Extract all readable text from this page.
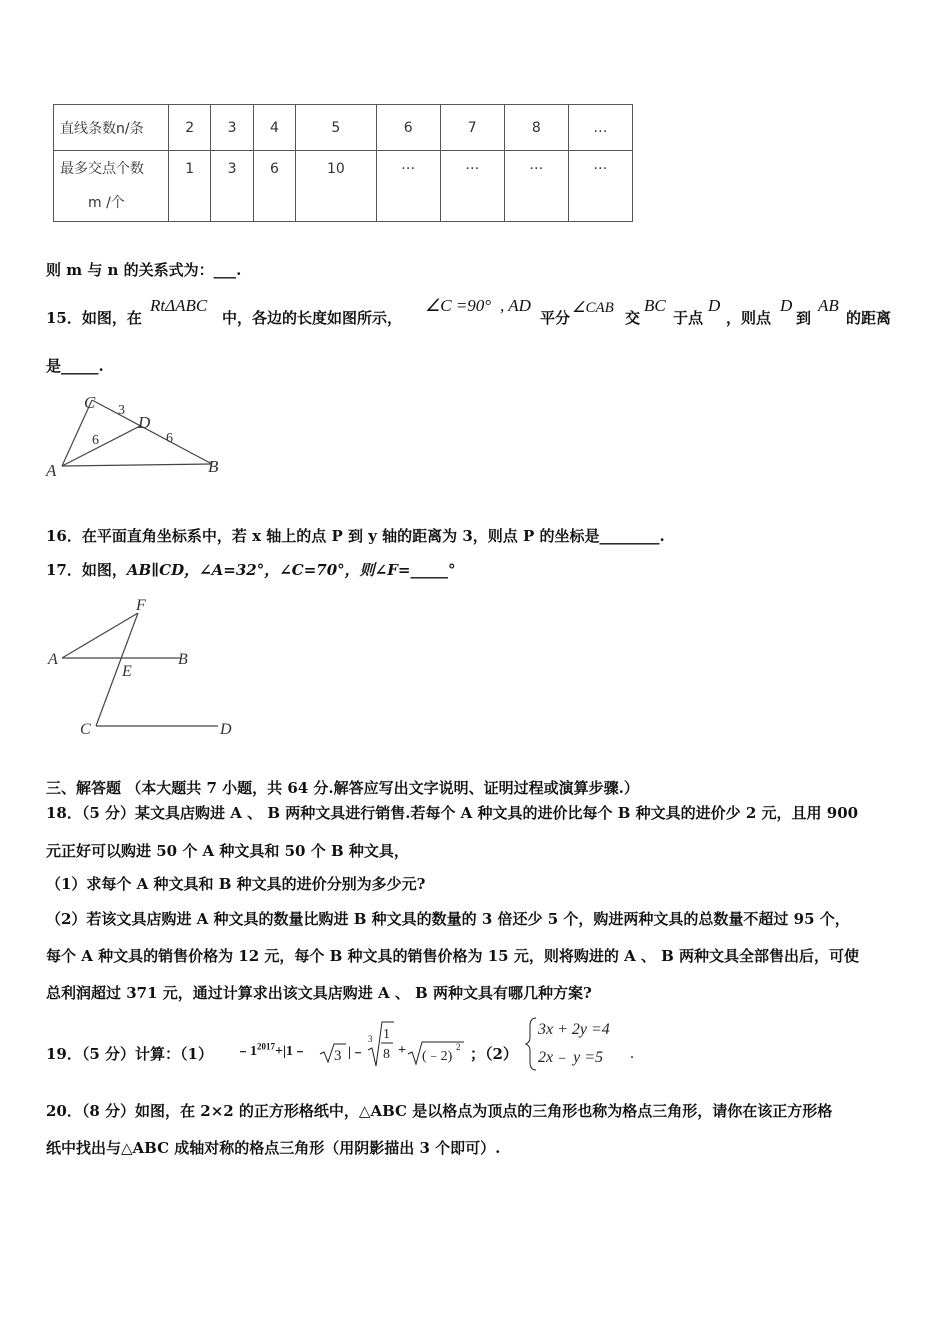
直线条数n/条	2	3	4	5	6	7	8	…

最多交点个数
m /个	1	3	6	10	…	…	…	…
则 m 与 n 的关系式为：___.
15．如图，在
RtΔABC
中，各边的长度如图所示，
∠C =90° , AD
平分
∠CAB
交
BC
于点
D
，则点
D
到
AB
的距离
是_____.
C
D
A	B
3
6	6
16．在平面直角坐标系中，若 x 轴上的点 P 到 y 轴的距离为 3，则点 P 的坐标是________.
17．如图，AB∥CD，∠A=32°，∠C=70°，则∠F=_____°
F
A
E
B
C	D
三、解答题 （本大题共 7 小题，共 64 分.解答应写出文字说明、证明过程或演算步骤.）
18．（5 分）某文具店购进 A 、 B 两种文具进行销售.若每个 A 种文具的进价比每个 B 种文具的进价少 2 元，且用 900
元正好可以购进 50 个 A 种文具和 50 个 B 种文具，
（1）求每个 A 种文具和 B 种文具的进价分别为多少元?
（2）若该文具店购进 A 种文具的数量比购进 B 种文具的数量的 3 倍还少 5 个，购进两种文具的总数量不超过 95 个，
每个 A 种文具的销售价格为 12 元，每个 B 种文具的销售价格为 15 元，则将购进的 A 、 B 两种文具全部售出后，可使
总利润超过 371 元，通过计算求出该文具店购进 A 、 B 两种文具有哪几种方案?
19．（5 分）计算：（1） $﹣1^{2017}+|1﹣$ 3 |﹣
3 1
8 + (﹣2)
2 ；（2）
3x + 2y =4
2x﹣ y =5 .
20．（8 分）如图，在 2×2 的正方形格纸中，△ABC 是以格点为顶点的三角形也称为格点三角形，请你在该正方形格
纸中找出与△ABC 成轴对称的格点三角形（用阴影描出 3 个即可）.
